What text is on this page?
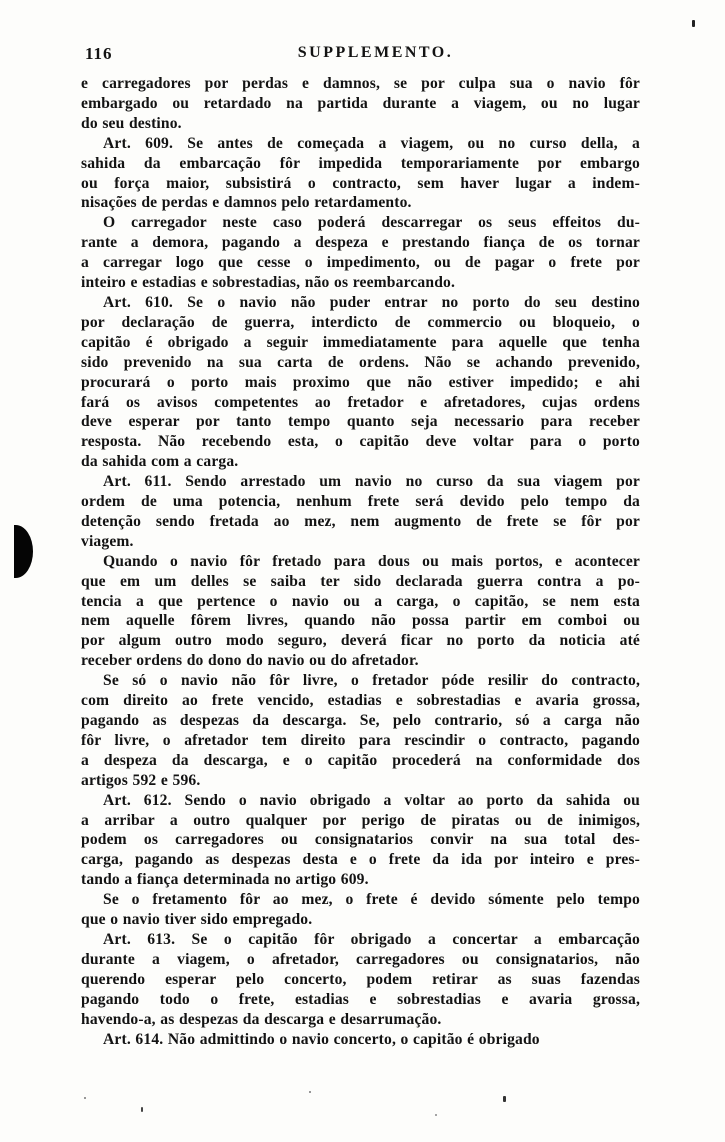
116	SUPPLEMENTO.
e carregadores por perdas e damnos, se por culpa sua o navio fôr
embargado ou retardado na partida durante a viagem, ou no lugar
do seu destino.
Art. 609. Se antes de começada a viagem, ou no curso della, a
sahida da embarcação fôr impedida temporariamente por embargo
ou força maior, subsistirá o contracto, sem haver lugar a indem-
nisações de perdas e damnos pelo retardamento.
O carregador neste caso poderá descarregar os seus effeitos du-
rante a demora, pagando a despeza e prestando fiança de os tornar
a carregar logo que cesse o impedimento, ou de pagar o frete por
inteiro e estadias e sobrestadias, não os reembarcando.
Art. 610. Se o navio não puder entrar no porto do seu destino
por declaração de guerra, interdicto de commercio ou bloqueio, o
capitão é obrigado a seguir immediatamente para aquelle que tenha
sido prevenido na sua carta de ordens. Não se achando prevenido,
procurará o porto mais proximo que não estiver impedido; e ahi
fará os avisos competentes ao fretador e afretadores, cujas ordens
deve esperar por tanto tempo quanto seja necessario para receber
resposta. Não recebendo esta, o capitão deve voltar para o porto
da sahida com a carga.
Art. 611. Sendo arrestado um navio no curso da sua viagem por
ordem de uma potencia, nenhum frete será devido pelo tempo da
detenção sendo fretada ao mez, nem augmento de frete se fôr por
viagem.
Quando o navio fôr fretado para dous ou mais portos, e acontecer
que em um delles se saiba ter sido declarada guerra contra a po-
tencia a que pertence o navio ou a carga, o capitão, se nem esta
nem aquelle fôrem livres, quando não possa partir em comboi ou
por algum outro modo seguro, deverá ficar no porto da noticia até
receber ordens do dono do navio ou do afretador.
Se só o navio não fôr livre, o fretador póde resilir do contracto,
com direito ao frete vencido, estadias e sobrestadias e avaria grossa,
pagando as despezas da descarga. Se, pelo contrario, só a carga não
fôr livre, o afretador tem direito para rescindir o contracto, pagando
a despeza da descarga, e o capitão procederá na conformidade dos
artigos 592 e 596.
Art. 612. Sendo o navio obrigado a voltar ao porto da sahida ou
a arribar a outro qualquer por perigo de piratas ou de inimigos,
podem os carregadores ou consignatarios convir na sua total des-
carga, pagando as despezas desta e o frete da ida por inteiro e pres-
tando a fiança determinada no artigo 609.
Se o fretamento fôr ao mez, o frete é devido sómente pelo tempo
que o navio tiver sido empregado.
Art. 613. Se o capitão fôr obrigado a concertar a embarcação
durante a viagem, o afretador, carregadores ou consignatarios, não
querendo esperar pelo concerto, podem retirar as suas fazendas
pagando todo o frete, estadias e sobrestadias e avaria grossa,
havendo-a, as despezas da descarga e desarrumação.
Art. 614. Não admittindo o navio concerto, o capitão é obrigado
